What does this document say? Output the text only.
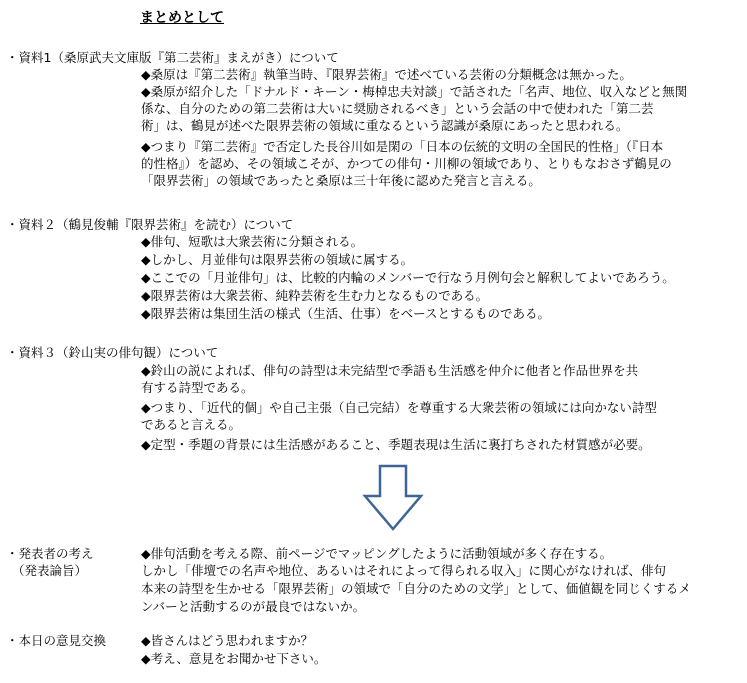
まとめとして
・資料1（桑原武夫文庫版『第二芸術』まえがき）について
◆桑原は『第二芸術』執筆当時、『限界芸術』で述べている芸術の分類概念は無かった。
◆桑原が紹介した「ドナルド・キーン・梅棹忠夫対談」で話された「名声、地位、収入などと無関
係な、自分のための第二芸術は大いに奨励されるべき」という会話の中で使われた「第二芸
術」は、鶴見が述べた限界芸術の領域に重なるという認識が桑原にあったと思われる。
◆つまり『第二芸術』で否定した長谷川如是閑の「日本の伝統的文明の全国民的性格」（『日本
的性格』）を認め、その領域こそが、かつての俳句・川柳の領域であり、とりもなおさず鶴見の
「限界芸術」の領域であったと桑原は三十年後に認めた発言と言える。
・資料２（鶴見俊輔『限界芸術』を読む）について
◆俳句、短歌は大衆芸術に分類される。
◆しかし、月並俳句は限界芸術の領域に属する。
◆ここでの「月並俳句」は、比較的内輪のメンバーで行なう月例句会と解釈してよいであろう。
◆限界芸術は大衆芸術、純粋芸術を生む力となるものである。
◆限界芸術は集団生活の様式（生活、仕事）をベースとするものである。
・資料３（鈴山実の俳句観）について
◆鈴山の説によれば、俳句の詩型は未完結型で季語も生活感を仲介に他者と作品世界を共
有する詩型である。
◆つまり、「近代的個」や自己主張（自己完結）を尊重する大衆芸術の領域には向かない詩型
であると言える。
◆定型・季題の背景には生活感があること、季題表現は生活に裏打ちされた材質感が必要。
・発表者の考え
（発表論旨）
◆俳句活動を考える際、前ページでマッピングしたように活動領域が多く存在する。
しかし「俳壇での名声や地位、あるいはそれによって得られる収入」に関心がなければ、俳句
本来の詩型を生かせる「限界芸術」の領域で「自分のための文学」として、価値観を同じくするメ
ンバーと活動するのが最良ではないか。
・本日の意見交換	◆皆さんはどう思われますか？
◆考え、意見をお聞かせ下さい。
